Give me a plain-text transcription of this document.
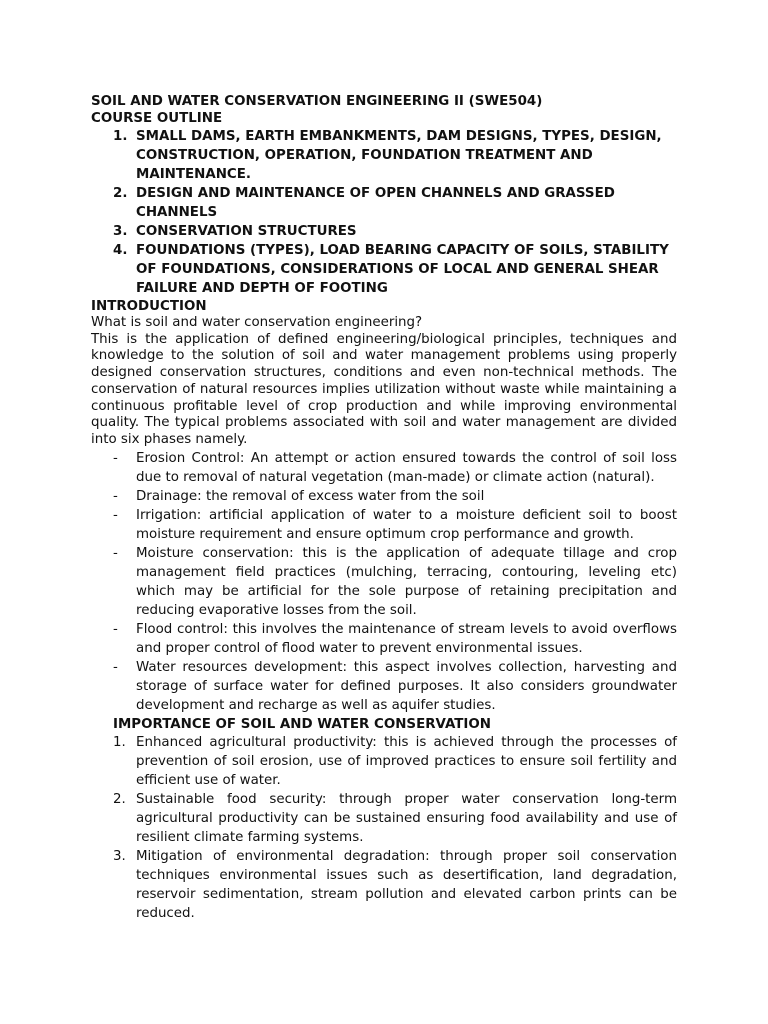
SOIL AND WATER CONSERVATION ENGINEERING II (SWE504)
COURSE OUTLINE
1. SMALL DAMS, EARTH EMBANKMENTS, DAM DESIGNS, TYPES, DESIGN, CONSTRUCTION, OPERATION, FOUNDATION TREATMENT AND MAINTENANCE.
2. DESIGN AND MAINTENANCE OF OPEN CHANNELS AND GRASSED CHANNELS
3. CONSERVATION STRUCTURES
4. FOUNDATIONS (TYPES), LOAD BEARING CAPACITY OF SOILS, STABILITY OF FOUNDATIONS, CONSIDERATIONS OF LOCAL AND GENERAL SHEAR FAILURE AND DEPTH OF FOOTING
INTRODUCTION
What is soil and water conservation engineering?
This is the application of defined engineering/biological principles, techniques and knowledge to the solution of soil and water management problems using properly designed conservation structures, conditions and even non-technical methods. The conservation of natural resources implies utilization without waste while maintaining a continuous profitable level of crop production and while improving environmental quality. The typical problems associated with soil and water management are divided into six phases namely.
- Erosion Control: An attempt or action ensured towards the control of soil loss due to removal of natural vegetation (man-made) or climate action (natural).
- Drainage: the removal of excess water from the soil
- Irrigation: artificial application of water to a moisture deficient soil to boost moisture requirement and ensure optimum crop performance and growth.
- Moisture conservation: this is the application of adequate tillage and crop management field practices (mulching, terracing, contouring, leveling etc) which may be artificial for the sole purpose of retaining precipitation and reducing evaporative losses from the soil.
- Flood control: this involves the maintenance of stream levels to avoid overflows and proper control of flood water to prevent environmental issues.
- Water resources development: this aspect involves collection, harvesting and storage of surface water for defined purposes. It also considers groundwater development and recharge as well as aquifer studies.
IMPORTANCE OF SOIL AND WATER CONSERVATION
1. Enhanced agricultural productivity: this is achieved through the processes of prevention of soil erosion, use of improved practices to ensure soil fertility and efficient use of water.
2. Sustainable food security: through proper water conservation long-term agricultural productivity can be sustained ensuring food availability and use of resilient climate farming systems.
3. Mitigation of environmental degradation: through proper soil conservation techniques environmental issues such as desertification, land degradation, reservoir sedimentation, stream pollution and elevated carbon prints can be reduced.
